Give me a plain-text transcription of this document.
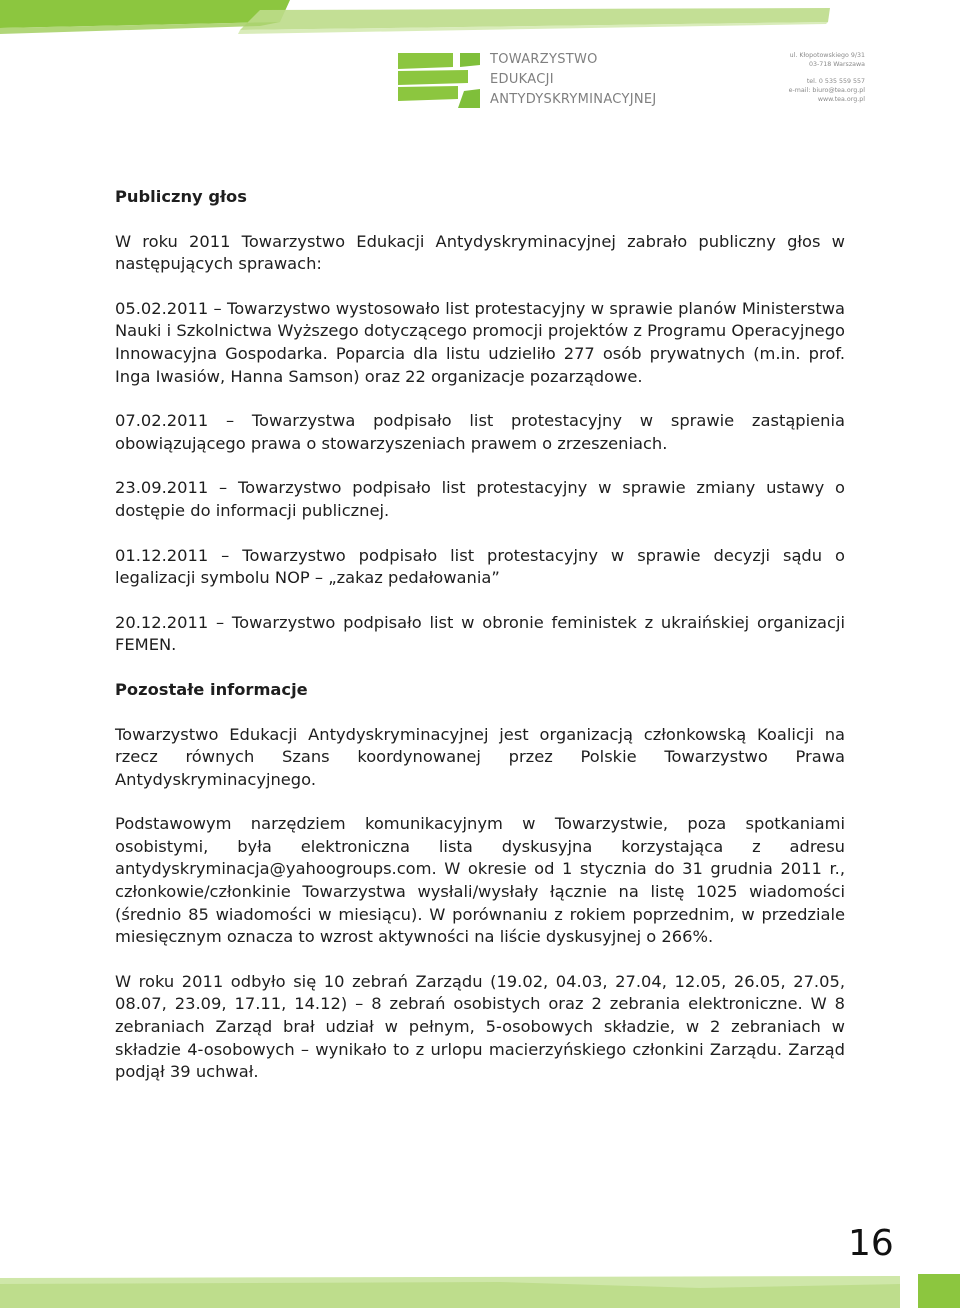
TOWARZYSTWO
EDUKACJI
ANTYDYSKRYMINACYJNEJ
ul. Kłopotowskiego 9/31
03-718 Warszawa
tel. 0 535 559 557
e-mail: biuro@tea.org.pl
www.tea.org.pl
Publiczny głos

W roku 2011 Towarzystwo Edukacji Antydyskryminacyjnej zabrało publiczny głos w następujących sprawach:

05.02.2011 – Towarzystwo wystosowało list protestacyjny w sprawie planów Ministerstwa Nauki i Szkolnictwa Wyższego dotyczącego promocji projektów z Programu Operacyjnego Innowacyjna Gospodarka. Poparcia dla listu udzieliło 277 osób prywatnych (m.in. prof. Inga Iwasiów, Hanna Samson) oraz 22 organizacje pozarządowe.

07.02.2011 – Towarzystwa podpisało list protestacyjny w sprawie zastąpienia obowiązującego prawa o stowarzyszeniach prawem o zrzeszeniach.

23.09.2011 – Towarzystwo podpisało list protestacyjny w sprawie zmiany ustawy o dostępie do informacji publicznej.

01.12.2011 – Towarzystwo podpisało list protestacyjny w sprawie decyzji sądu o legalizacji symbolu NOP – „zakaz pedałowania”

20.12.2011 – Towarzystwo podpisało list w obronie feministek z ukraińskiej organizacji FEMEN.

Pozostałe informacje

Towarzystwo Edukacji Antydyskryminacyjnej jest organizacją członkowską Koalicji na rzecz równych Szans koordynowanej przez Polskie Towarzystwo Prawa Antydyskryminacyjnego.

Podstawowym narzędziem komunikacyjnym w Towarzystwie, poza spotkaniami osobistymi, była elektroniczna lista dyskusyjna korzystająca z adresu antydyskryminacja@yahoogroups.com. W okresie od 1 stycznia do 31 grudnia 2011 r., członkowie/członkinie Towarzystwa wysłali/wysłały łącznie na listę 1025 wiadomości (średnio 85 wiadomości w miesiącu). W porównaniu z rokiem poprzednim, w przedziale miesięcznym oznacza to wzrost aktywności na liście dyskusyjnej o 266%.

W roku 2011 odbyło się 10 zebrań Zarządu (19.02, 04.03, 27.04, 12.05, 26.05, 27.05, 08.07, 23.09, 17.11, 14.12) – 8 zebrań osobistych oraz 2 zebrania elektroniczne. W 8 zebraniach Zarząd brał udział w pełnym, 5-osobowych składzie, w 2 zebraniach w składzie 4-osobowych – wynikało to z urlopu macierzyńskiego członkini Zarządu. Zarząd podjął 39 uchwał.

16
